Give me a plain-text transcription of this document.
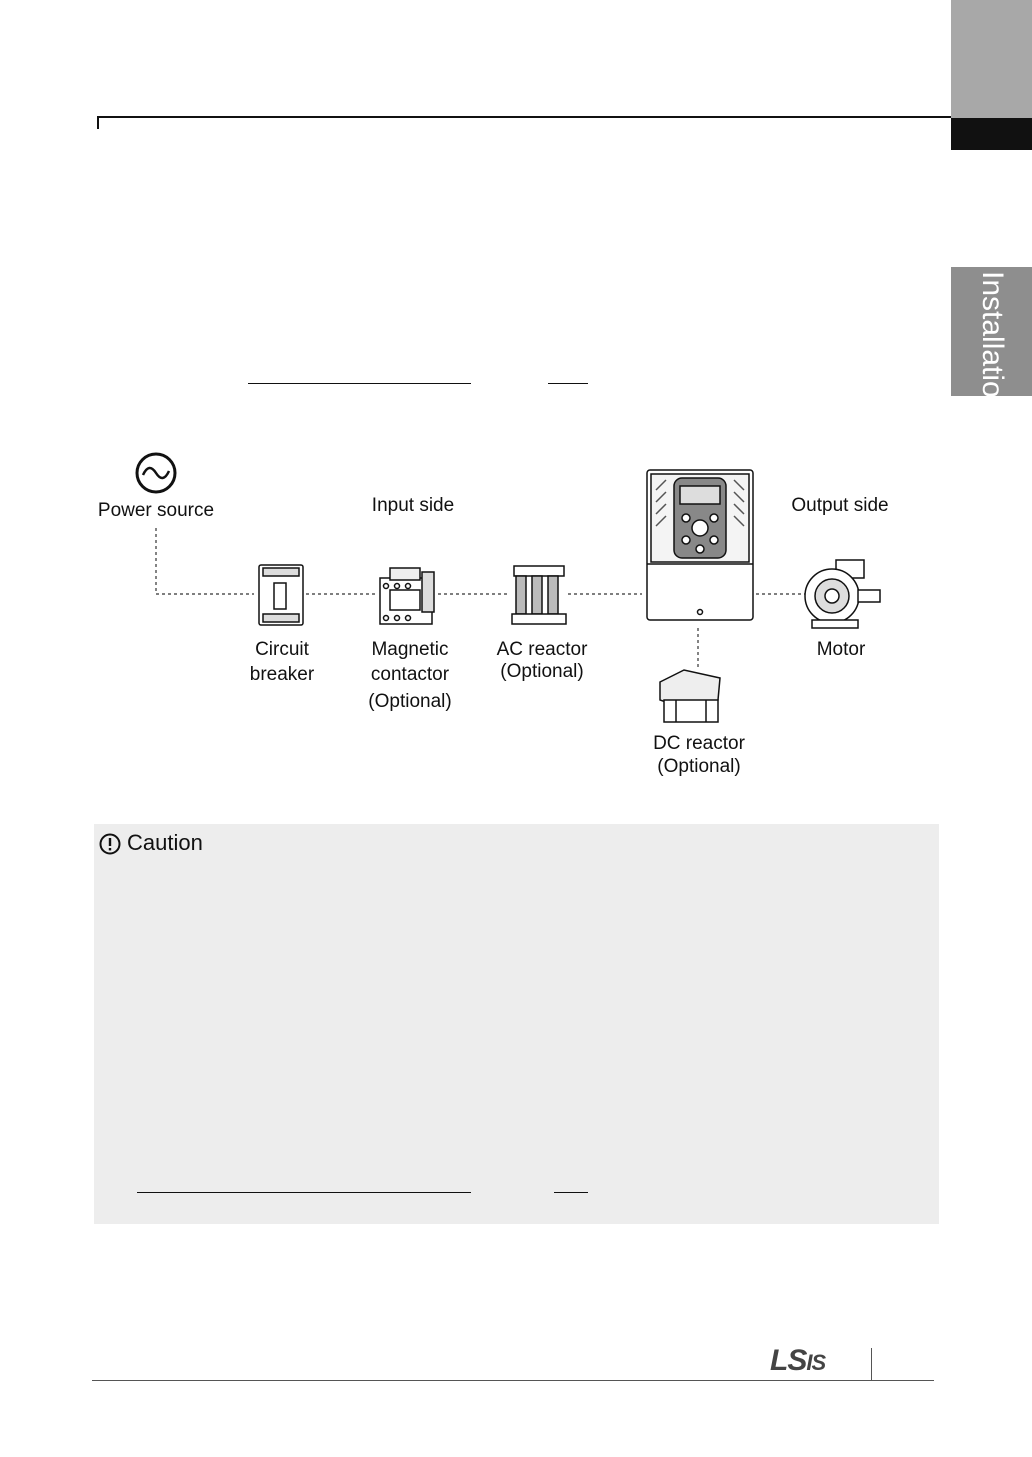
Installation
Power source	Input side	Output side
Circuit
breaker
Magnetic
contactor
(Optional)
AC reactor
(Optional)
Motor
DC reactor
(Optional)
Caution
LSIS
